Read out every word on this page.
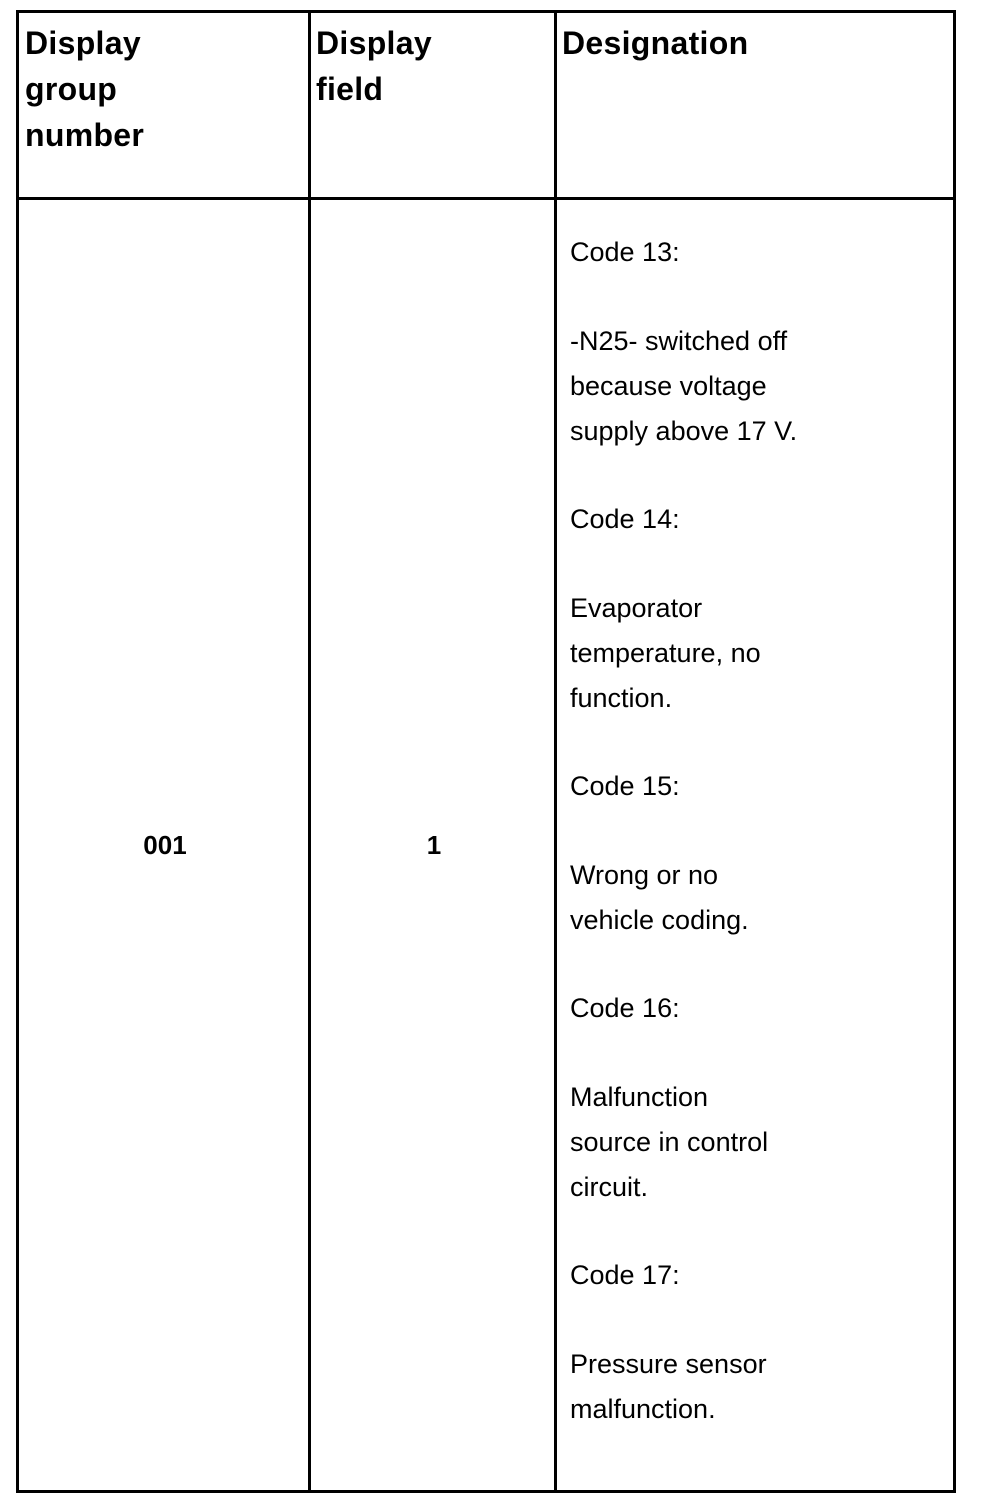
Display
group
number
Display
field
Designation
001	1
Code 13:
-N25- switched off
because voltage
supply above 17 V.
Code 14:
Evaporator
temperature, no
function.
Code 15:
Wrong or no
vehicle coding.
Code 16:
Malfunction
source in control
circuit.
Code 17:
Pressure sensor
malfunction.
